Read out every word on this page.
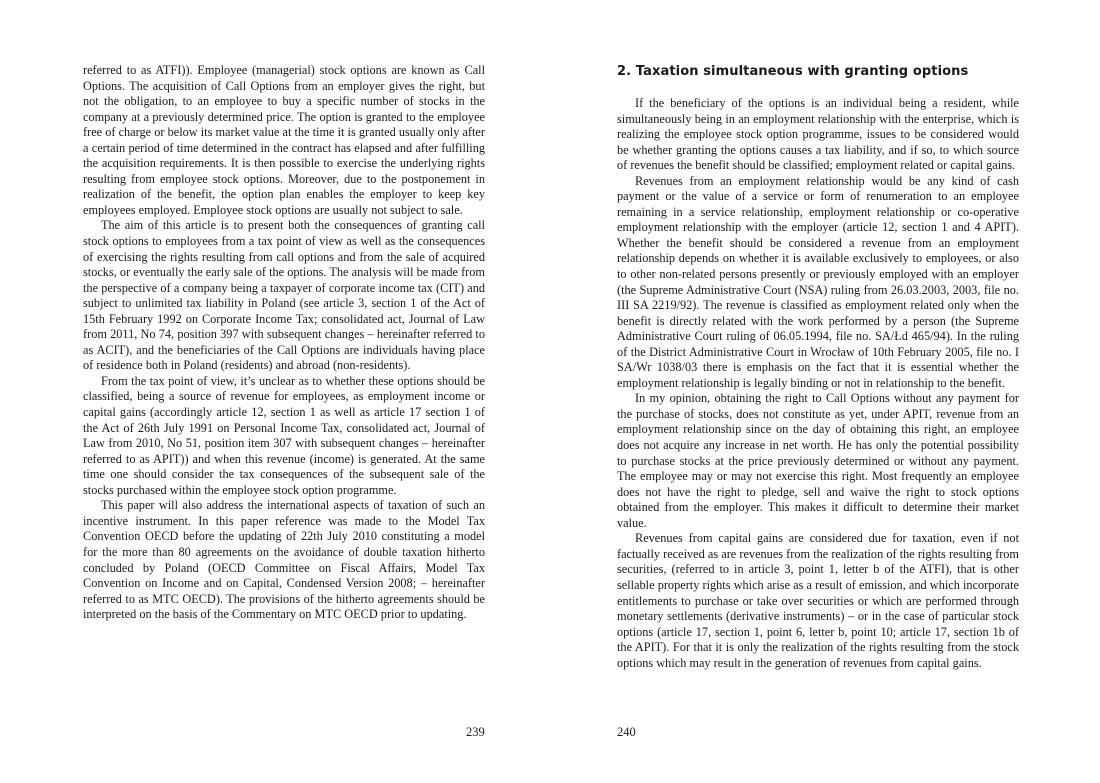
referred to as ATFI)). Employee (managerial) stock options are known as Call Options. The acquisition of Call Options from an employer gives the right, but not the obligation, to an employee to buy a specific number of stocks in the company at a previously determined price. The option is granted to the employee free of charge or below its market value at the time it is granted usually only after a certain period of time determined in the contract has elapsed and after fulfilling the acquisition requirements. It is then possible to exercise the underlying rights resulting from employee stock options. Moreover, due to the postponement in realization of the benefit, the option plan enables the employer to keep key employees employed. Employee stock options are usually not subject to sale.

The aim of this article is to present both the consequences of granting call stock options to employees from a tax point of view as well as the consequences of exercising the rights resulting from call options and from the sale of acquired stocks, or eventually the early sale of the options. The analysis will be made from the perspective of a company being a taxpayer of corporate income tax (CIT) and subject to unlimited tax liability in Poland (see article 3, section 1 of the Act of 15th February 1992 on Corporate Income Tax; consolidated act, Journal of Law from 2011, No 74, position 397 with subsequent changes – hereinafter referred to as ACIT), and the beneficiaries of the Call Options are individuals having place of residence both in Poland (residents) and abroad (non-residents).

From the tax point of view, it’s unclear as to whether these options should be classified, being a source of revenue for employees, as employment income or capital gains (accordingly article 12, section 1 as well as article 17 section 1 of the Act of 26th July 1991 on Personal Income Tax, consolidated act, Journal of Law from 2010, No 51, position item 307 with subsequent changes – hereinafter referred to as APIT)) and when this revenue (income) is generated. At the same time one should consider the tax consequences of the subsequent sale of the stocks purchased within the employee stock option programme.

This paper will also address the international aspects of taxation of such an incentive instrument. In this paper reference was made to the Model Tax Convention OECD before the updating of 22th July 2010 constituting a model for the more than 80 agreements on the avoidance of double taxation hitherto concluded by Poland (OECD Committee on Fiscal Affairs, Model Tax Convention on Income and on Capital, Condensed Version 2008; – hereinafter referred to as MTC OECD). The provisions of the hitherto agreements should be interpreted on the basis of the Commentary on MTC OECD prior to updating.

239
2. Taxation simultaneous with granting options

If the beneficiary of the options is an individual being a resident, while simultaneously being in an employment relationship with the enterprise, which is realizing the employee stock option programme, issues to be considered would be whether granting the options causes a tax liability, and if so, to which source of revenues the benefit should be classified; employment related or capital gains.

Revenues from an employment relationship would be any kind of cash payment or the value of a service or form of renumeration to an employee remaining in a service relationship, employment relationship or co-operative employment relationship with the employer (article 12, section 1 and 4 APIT). Whether the benefit should be considered a revenue from an employment relationship depends on whether it is available exclusively to employees, or also to other non-related persons presently or previously employed with an employer (the Supreme Administrative Court (NSA) ruling from 26.03.2003, 2003, file no. III SA 2219/92). The revenue is classified as employment related only when the benefit is directly related with the work performed by a person (the Supreme Administrative Court ruling of 06.05.1994, file no. SA/Łd 465/94). In the ruling of the District Administrative Court in Wrocław of 10th February 2005, file no. I SA/Wr 1038/03 there is emphasis on the fact that it is essential whether the employment relationship is legally binding or not in relationship to the benefit.

In my opinion, obtaining the right to Call Options without any payment for the purchase of stocks, does not constitute as yet, under APIT, revenue from an employment relationship since on the day of obtaining this right, an employee does not acquire any increase in net worth. He has only the potential possibility to purchase stocks at the price previously determined or without any payment. The employee may or may not exercise this right. Most frequently an employee does not have the right to pledge, sell and waive the right to stock options obtained from the employer. This makes it difficult to determine their market value.

Revenues from capital gains are considered due for taxation, even if not factually received as are revenues from the realization of the rights resulting from securities, (referred to in article 3, point 1, letter b of the ATFI), that is other sellable property rights which arise as a result of emission, and which incorporate entitlements to purchase or take over securities or which are performed through monetary settlements (derivative instruments) – or in the case of particular stock options (article 17, section 1, point 6, letter b, point 10; article 17, section 1b of the APIT). For that it is only the realization of the rights resulting from the stock options which may result in the generation of revenues from capital gains.

240
